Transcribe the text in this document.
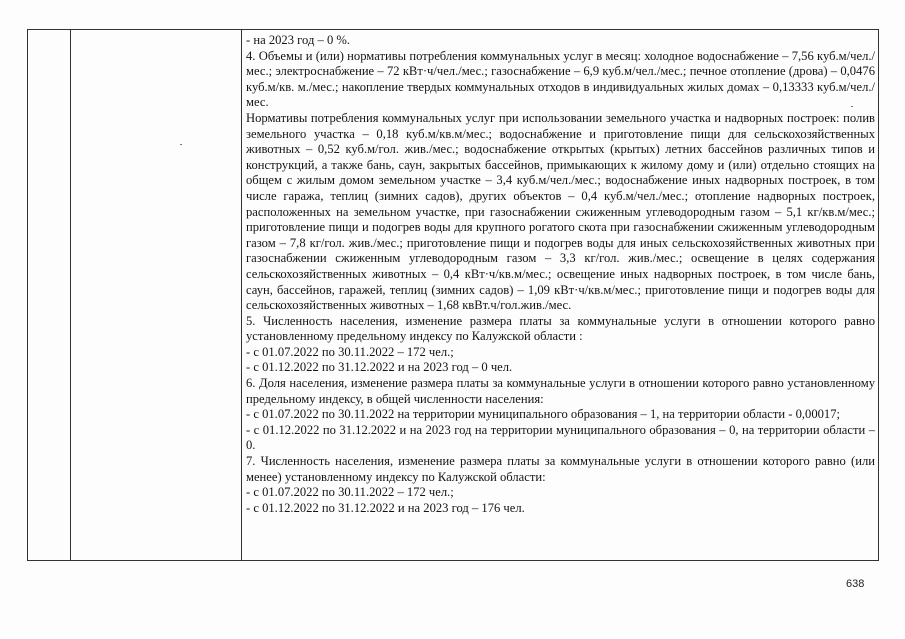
- на 2023 год – 0 %.

4. Объемы и (или) нормативы потребления коммунальных услуг в месяц: холодное водоснабжение – 7,56 куб.м/чел./мес.; электроснабжение – 72 кВт·ч/чел./мес.; газоснабжение – 6,9 куб.м/чел./мес.; печное отопление (дрова) – 0,0476 куб.м/кв. м./мес.; накопление твердых коммунальных отходов в индивидуальных жилых домах – 0,13333 куб.м/чел./мес.

Нормативы потребления коммунальных услуг при использовании земельного участка и надворных построек: полив земельного участка – 0,18 куб.м/кв.м/мес.; водоснабжение и приготовление пищи для сельскохозяйственных животных – 0,52 куб.м/гол. жив./мес.; водоснабжение открытых (крытых) летних бассейнов различных типов и конструкций, а также бань, саун, закрытых бассейнов, примыкающих к жилому дому и (или) отдельно стоящих на общем с жилым домом земельном участке – 3,4 куб.м/чел./мес.; водоснабжение иных надворных построек, в том числе гаража, теплиц (зимних садов), других объектов – 0,4 куб.м/чел./мес.; отопление надворных построек, расположенных на земельном участке, при газоснабжении сжиженным углеводородным газом – 5,1 кг/кв.м/мес.; приготовление пищи и подогрев воды для крупного рогатого скота при газоснабжении сжиженным углеводородным газом – 7,8 кг/гол. жив./мес.; приготовление пищи и подогрев воды для иных сельскохозяйственных животных при газоснабжении сжиженным углеводородным газом – 3,3 кг/гол. жив./мес.; освещение в целях содержания сельскохозяйственных животных – 0,4 кВт·ч/кв.м/мес.; освещение иных надворных построек, в том числе бань, саун, бассейнов, гаражей, теплиц (зимних садов) – 1,09 кВт·ч/кв.м/мес.; приготовление пищи и подогрев воды для сельскохозяйственных животных – 1,68 квВт.ч/гол.жив./мес.

5. Численность населения, изменение размера платы за коммунальные услуги в отношении которого равно установленному предельному индексу по Калужской области :

- с 01.07.2022 по 30.11.2022 – 172 чел.;

- с 01.12.2022 по 31.12.2022 и на 2023 год – 0 чел.

6. Доля населения, изменение размера платы за коммунальные услуги в отношении которого равно установленному предельному индексу, в общей численности населения:

- с 01.07.2022 по 30.11.2022 на территории муниципального образования – 1, на территории области - 0,00017;

- с 01.12.2022 по 31.12.2022 и на 2023 год на территории муниципального образования – 0, на территории области – 0.

7. Численность населения, изменение размера платы за коммунальные услуги в отношении которого равно (или менее) установленному индексу по Калужской области:

- с 01.07.2022 по 30.11.2022 – 172 чел.;

- с 01.12.2022 по 31.12.2022 и на 2023 год – 176 чел.

638
